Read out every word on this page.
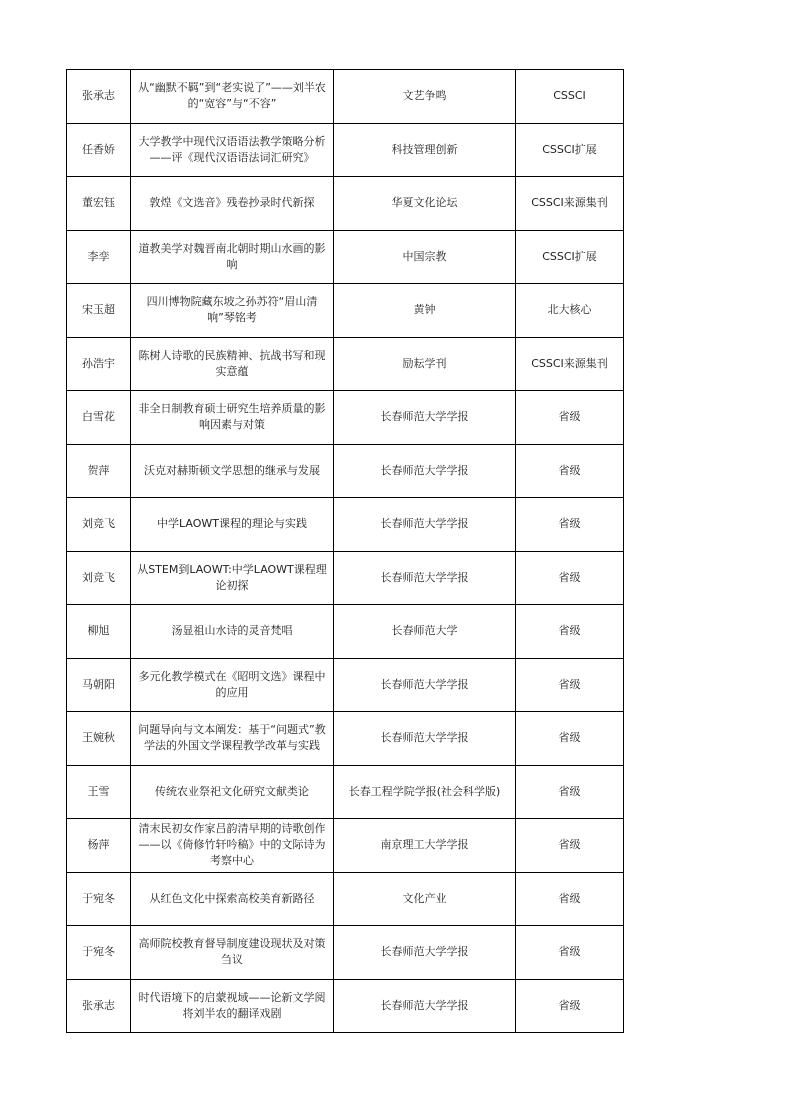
张承志	从“幽默不羁”到“老实说了”——刘半农的“宽容”与“不容”	文艺争鸣	CSSCI
任香娇	大学教学中现代汉语语法教学策略分析——评《现代汉语语法词汇研究》	科技管理创新	CSSCI扩展
董宏钰	敦煌《文选音》残卷抄录时代新探	华夏文化论坛	CSSCI来源集刊
李孪	道教美学对魏晋南北朝时期山水画的影响	中国宗教	CSSCI扩展
宋玉超	四川博物院藏东坡之孙苏符“眉山清响”琴铭考	黄钟	北大核心
孙浩宇	陈树人诗歌的民族精神、抗战书写和现实意蕴	励耘学刊	CSSCI来源集刊
白雪花	非全日制教育硕士研究生培养质量的影响因素与对策	长春师范大学学报	省级
贺萍	沃克对赫斯顿文学思想的继承与发展	长春师范大学学报	省级
刘竞飞	中学LAOWT课程的理论与实践	长春师范大学学报	省级
刘竞飞	从STEM到LAOWT:中学LAOWT课程理论初探	长春师范大学学报	省级
柳旭	汤显祖山水诗的灵音梵唱	长春师范大学	省级
马朝阳	多元化教学模式在《昭明文选》课程中的应用	长春师范大学学报	省级
王婉秋	问题导向与文本阐发：基于“问题式”教学法的外国文学课程教学改革与实践	长春师范大学学报	省级
王雪	传统农业祭祀文化研究文献类论	长春工程学院学报(社会科学版)	省级
杨萍	清末民初女作家吕韵清早期的诗歌创作——以《倚修竹轩吟稿》中的文际诗为考察中心	南京理工大学学报	省级
于宛冬	从红色文化中探索高校美育新路径	文化产业	省级
于宛冬	高师院校教育督导制度建设现状及对策刍议	长春师范大学学报	省级
张承志	时代语境下的启蒙视域——论新文学阅将刘半农的翻译戏剧	长春师范大学学报	省级
